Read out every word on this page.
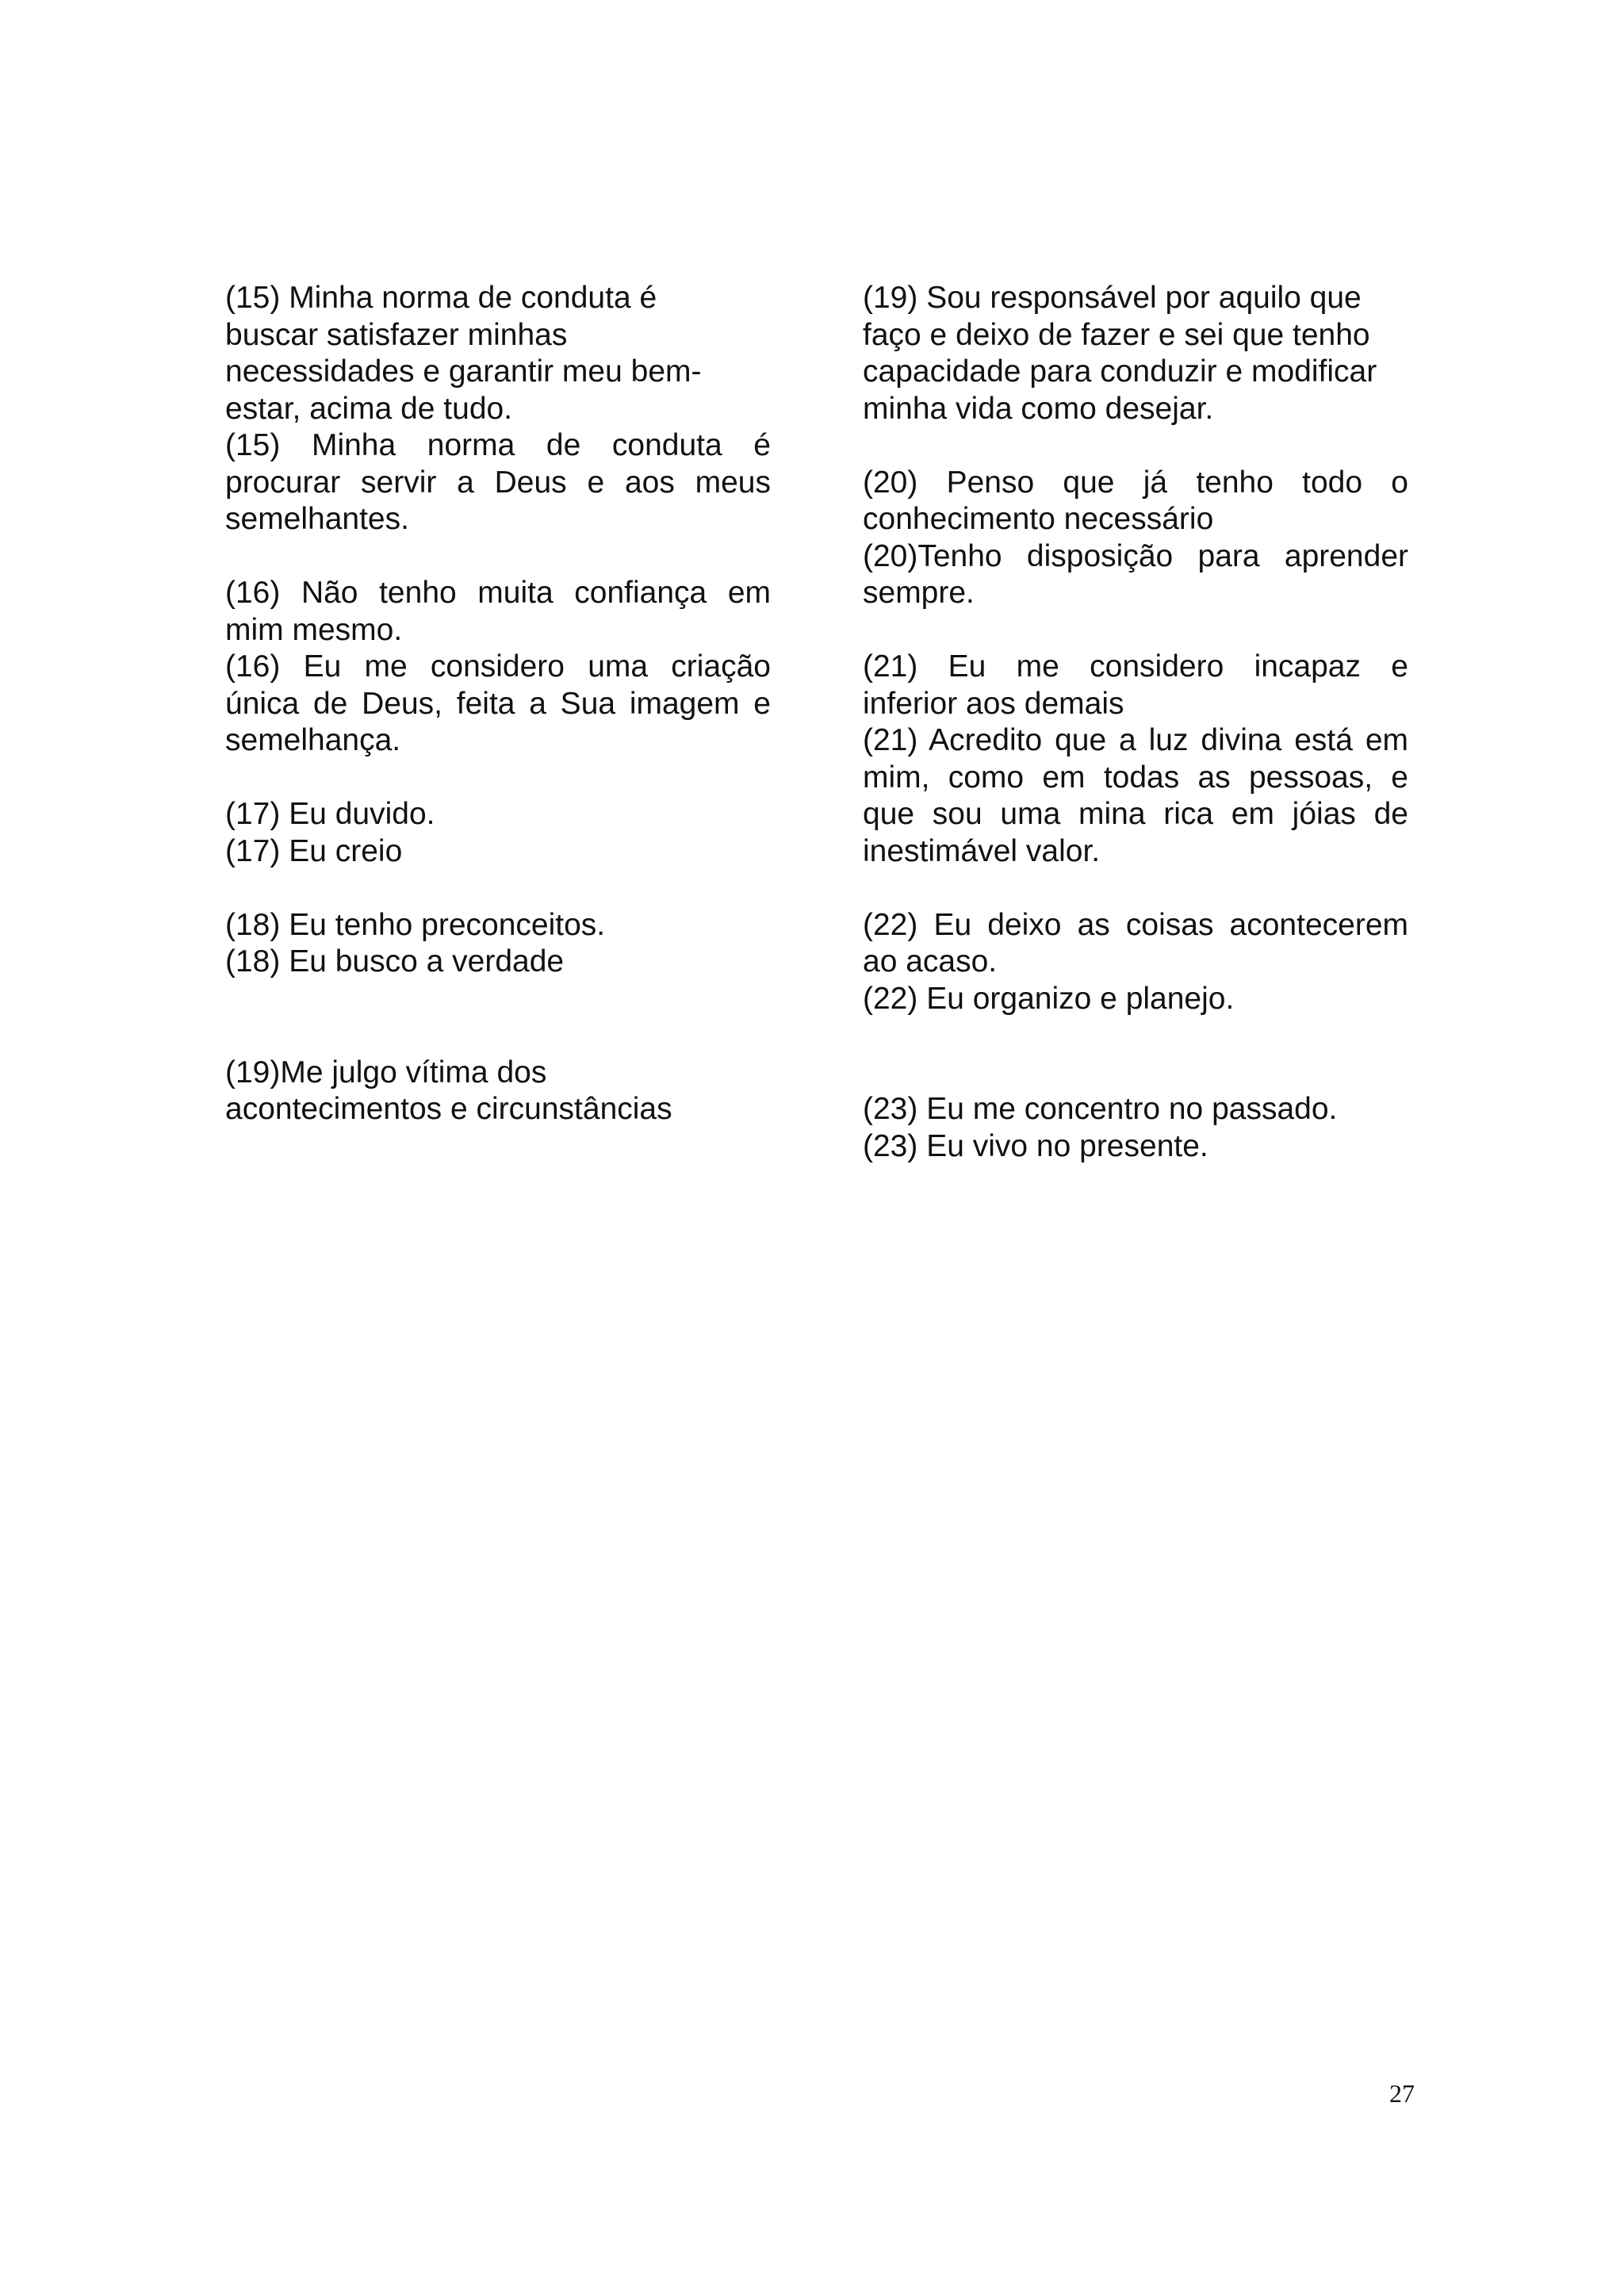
(15) Minha norma de conduta é
buscar satisfazer minhas
necessidades e garantir meu bem-
estar, acima de tudo.
(15) Minha norma de conduta é
procurar servir a Deus e aos meus
semelhantes.
(16) Não tenho muita confiança em
mim mesmo.
(16) Eu me considero uma criação
única de Deus, feita a Sua imagem e
semelhança.
(17) Eu duvido.
(17) Eu creio
(18) Eu tenho preconceitos.
(18) Eu busco a verdade
(19)Me julgo vítima dos
acontecimentos e circunstâncias
(19) Sou responsável por aquilo que
faço e deixo de fazer e sei que tenho
capacidade para conduzir e modificar
minha vida como desejar.
(20) Penso que já tenho todo o
conhecimento necessário
(20)Tenho disposição para aprender
sempre.
(21) Eu me considero incapaz e
inferior aos demais
(21) Acredito que a luz divina está em
mim, como em todas as pessoas, e
que sou uma mina rica em jóias de
inestimável valor.
(22) Eu deixo as coisas acontecerem
ao acaso.
(22) Eu organizo e planejo.
(23) Eu me concentro no passado.
(23) Eu vivo no presente.
27
